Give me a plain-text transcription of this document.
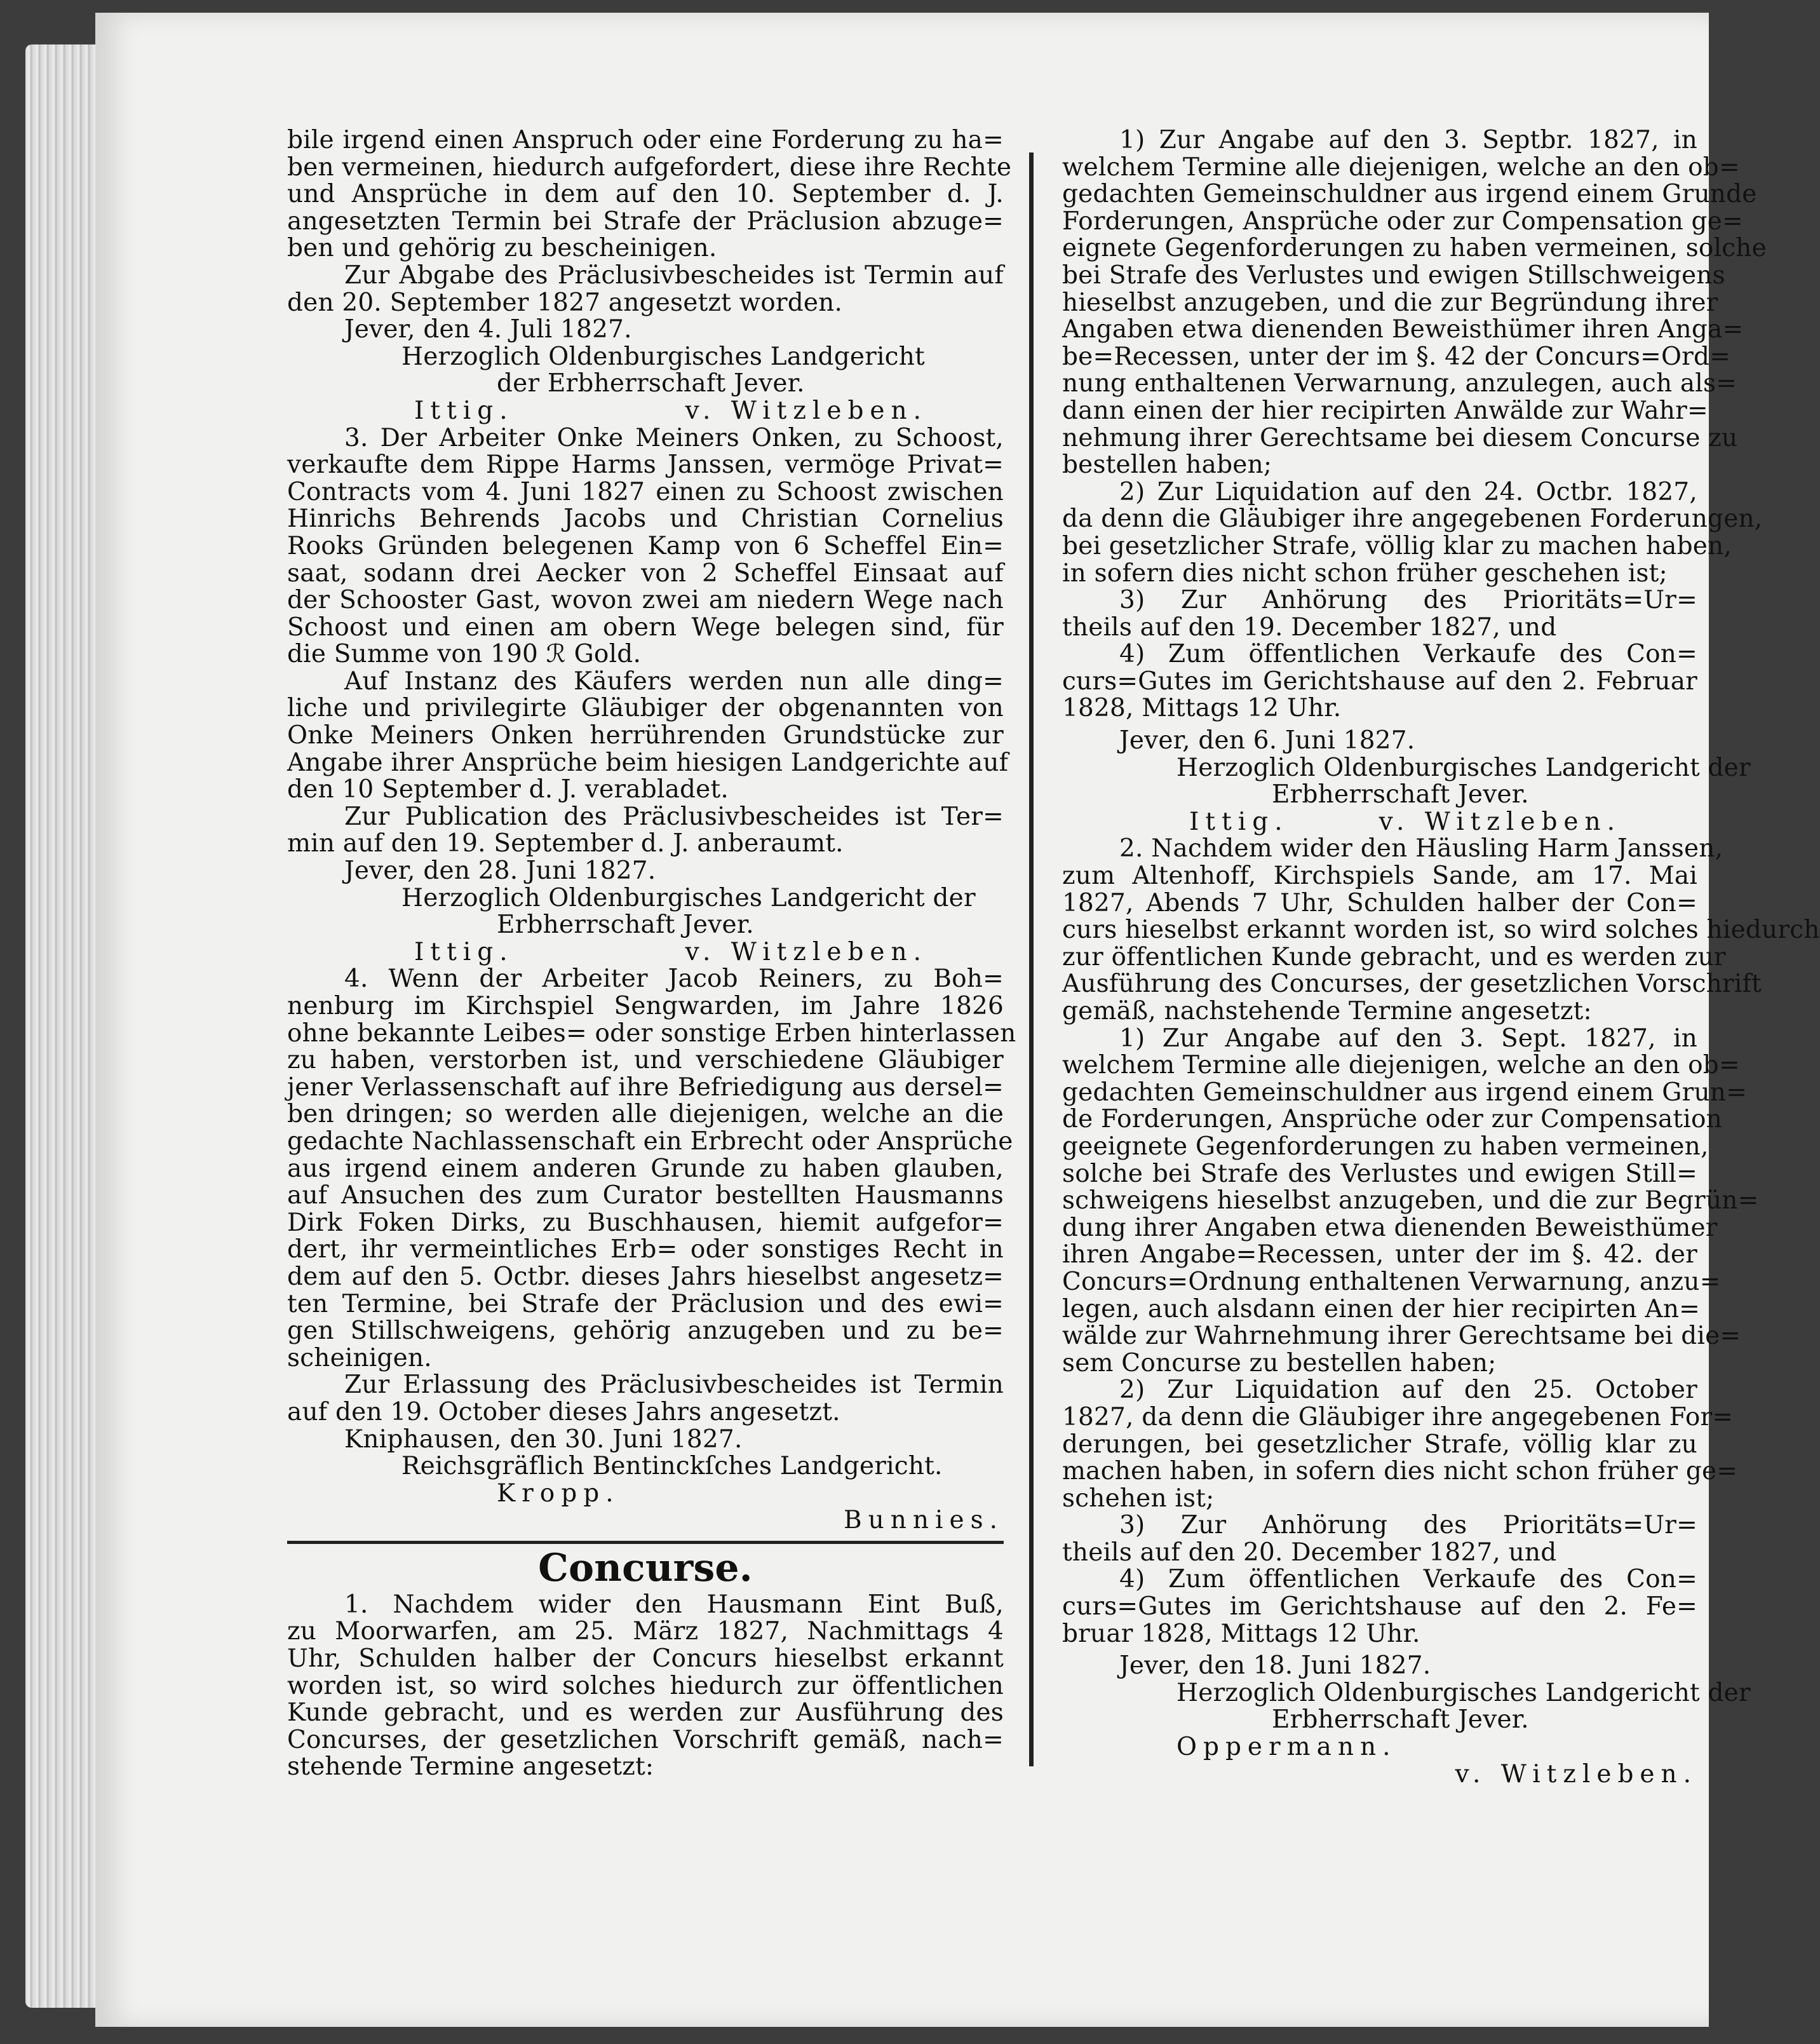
bile irgend einen Anspruch oder eine Forderung zu ha=
ben vermeinen, hiedurch aufgefordert, diese ihre Rechte
und Ansprüche in dem auf den 10. September d. J.
angesetzten Termin bei Strafe der Präclusion abzuge=
ben und gehörig zu bescheinigen.
Zur Abgabe des Präclusivbescheides ist Termin auf
den 20. September 1827 angesetzt worden.
Jever, den 4. Juli 1827.
Herzoglich Oldenburgisches Landgericht
der Erbherrschaft Jever.
Ittig.	v. Witzleben.
3. Der Arbeiter Onke Meiners Onken, zu Schoost,
verkaufte dem Rippe Harms Janssen, vermöge Privat=
Contracts vom 4. Juni 1827 einen zu Schoost zwischen
Hinrichs Behrends Jacobs und Christian Cornelius
Rooks Gründen belegenen Kamp von 6 Scheffel Ein=
saat, sodann drei Aecker von 2 Scheffel Einsaat auf
der Schooster Gast, wovon zwei am niedern Wege nach
Schoost und einen am obern Wege belegen sind, für
die Summe von 190 ℛ Gold.
Auf Instanz des Käufers werden nun alle ding=
liche und privilegirte Gläubiger der obgenannten von
Onke Meiners Onken herrührenden Grundstücke zur
Angabe ihrer Ansprüche beim hiesigen Landgerichte auf
den 10 September d. J. verabladet.
Zur Publication des Präclusivbescheides ist Ter=
min auf den 19. September d. J. anberaumt.
Jever, den 28. Juni 1827.
Herzoglich Oldenburgisches Landgericht der
Erbherrschaft Jever.
Ittig.	v. Witzleben.
4. Wenn der Arbeiter Jacob Reiners, zu Boh=
nenburg im Kirchspiel Sengwarden, im Jahre 1826
ohne bekannte Leibes= oder sonstige Erben hinterlassen
zu haben, verstorben ist, und verschiedene Gläubiger
jener Verlassenschaft auf ihre Befriedigung aus dersel=
ben dringen; so werden alle diejenigen, welche an die
gedachte Nachlassenschaft ein Erbrecht oder Ansprüche
aus irgend einem anderen Grunde zu haben glauben,
auf Ansuchen des zum Curator bestellten Hausmanns
Dirk Foken Dirks, zu Buschhausen, hiemit aufgefor=
dert, ihr vermeintliches Erb= oder sonstiges Recht in
dem auf den 5. Octbr. dieses Jahrs hieselbst angesetz=
ten Termine, bei Strafe der Präclusion und des ewi=
gen Stillschweigens, gehörig anzugeben und zu be=
scheinigen.
Zur Erlassung des Präclusivbescheides ist Termin
auf den 19. October dieses Jahrs angesetzt.
Kniphausen, den 30. Juni 1827.
Reichsgräflich Bentinckſches Landgericht.
Kropp.
Bunnies.
Concurse.
1. Nachdem wider den Hausmann Eint Buß,
zu Moorwarfen, am 25. März 1827, Nachmittags 4
Uhr, Schulden halber der Concurs hieselbst erkannt
worden ist, so wird solches hiedurch zur öffentlichen
Kunde gebracht, und es werden zur Ausführung des
Concurses, der gesetzlichen Vorschrift gemäß, nach=
stehende Termine angesetzt:
1) Zur Angabe auf den 3. Septbr. 1827, in
welchem Termine alle diejenigen, welche an den ob=
gedachten Gemeinschuldner aus irgend einem Grunde
Forderungen, Ansprüche oder zur Compensation ge=
eignete Gegenforderungen zu haben vermeinen, solche
bei Strafe des Verlustes und ewigen Stillschweigens
hieselbst anzugeben, und die zur Begründung ihrer
Angaben etwa dienenden Beweisthümer ihren Anga=
be=Recessen, unter der im §. 42 der Concurs=Ord=
nung enthaltenen Verwarnung, anzulegen, auch als=
dann einen der hier recipirten Anwälde zur Wahr=
nehmung ihrer Gerechtsame bei diesem Concurse zu
bestellen haben;
2) Zur Liquidation auf den 24. Octbr. 1827,
da denn die Gläubiger ihre angegebenen Forderungen,
bei gesetzlicher Strafe, völlig klar zu machen haben,
in sofern dies nicht schon früher geschehen ist;
3) Zur Anhörung des Prioritäts=Ur=
theils auf den 19. December 1827, und
4) Zum öffentlichen Verkaufe des Con=
curs=Gutes im Gerichtshause auf den 2. Februar
1828, Mittags 12 Uhr.
Jever, den 6. Juni 1827.
Herzoglich Oldenburgisches Landgericht der
Erbherrschaft Jever.
Ittig.	v. Witzleben.
2. Nachdem wider den Häusling Harm Janssen,
zum Altenhoff, Kirchspiels Sande, am 17. Mai
1827, Abends 7 Uhr, Schulden halber der Con=
curs hieselbst erkannt worden ist, so wird solches hiedurch
zur öffentlichen Kunde gebracht, und es werden zur
Ausführung des Concurses, der gesetzlichen Vorschrift
gemäß, nachstehende Termine angesetzt:
1) Zur Angabe auf den 3. Sept. 1827, in
welchem Termine alle diejenigen, welche an den ob=
gedachten Gemeinschuldner aus irgend einem Grun=
de Forderungen, Ansprüche oder zur Compensation
geeignete Gegenforderungen zu haben vermeinen,
solche bei Strafe des Verlustes und ewigen Still=
schweigens hieselbst anzugeben, und die zur Begrün=
dung ihrer Angaben etwa dienenden Beweisthümer
ihren Angabe=Recessen, unter der im §. 42. der
Concurs=Ordnung enthaltenen Verwarnung, anzu=
legen, auch alsdann einen der hier recipirten An=
wälde zur Wahrnehmung ihrer Gerechtsame bei die=
sem Concurse zu bestellen haben;
2) Zur Liquidation auf den 25. October
1827, da denn die Gläubiger ihre angegebenen For=
derungen, bei gesetzlicher Strafe, völlig klar zu
machen haben, in sofern dies nicht schon früher ge=
schehen ist;
3) Zur Anhörung des Prioritäts=Ur=
theils auf den 20. December 1827, und
4) Zum öffentlichen Verkaufe des Con=
curs=Gutes im Gerichtshause auf den 2. Fe=
bruar 1828, Mittags 12 Uhr.
Jever, den 18. Juni 1827.
Herzoglich Oldenburgisches Landgericht der
Erbherrschaft Jever.
Oppermann.
v. Witzleben.
